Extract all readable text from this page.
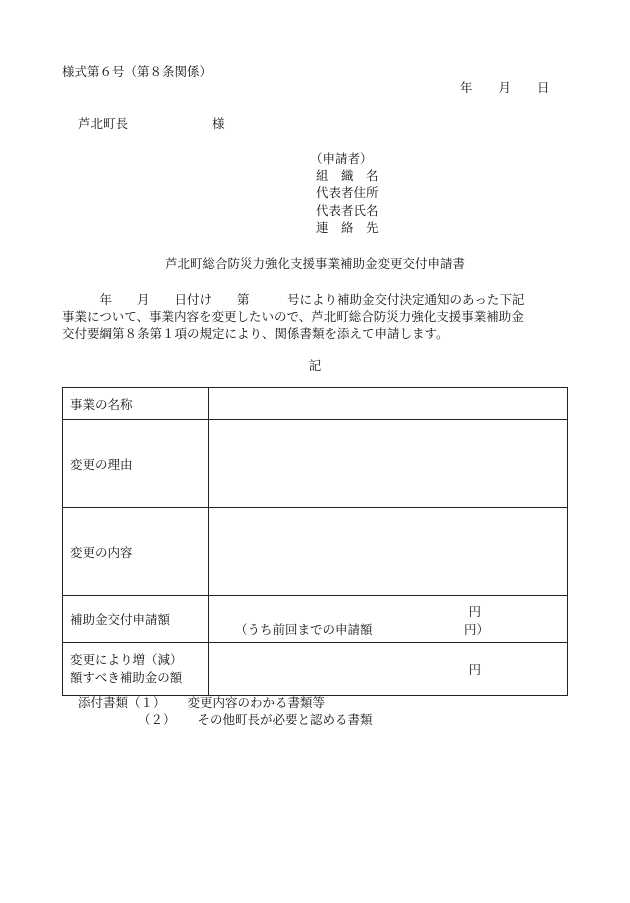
様式第６号（第８条関係）
年 月 日
芦北町長	様
（申請者）
組　織　名
代表者住所
代表者氏名
連　絡　先
芦北町総合防災力強化支援事業補助金変更交付申請書

　　　年　　月　　日付け　　第　　　号により補助金交付決定通知のあった下記

事業について、事業内容を変更したいので、芦北町総合防災力強化支援事業補助金

交付要綱第８条第１項の規定により、関係書類を添えて申請します。

記
事業の名称	
変更の理由	
変更の内容	
補助金交付申請額	円
（うち前回までの申請額 円）

変更により増（減）
額すべき補助金の額	円
添付書類（１） 変更内容のわかる書類等
（２） その他町長が必要と認める書類
